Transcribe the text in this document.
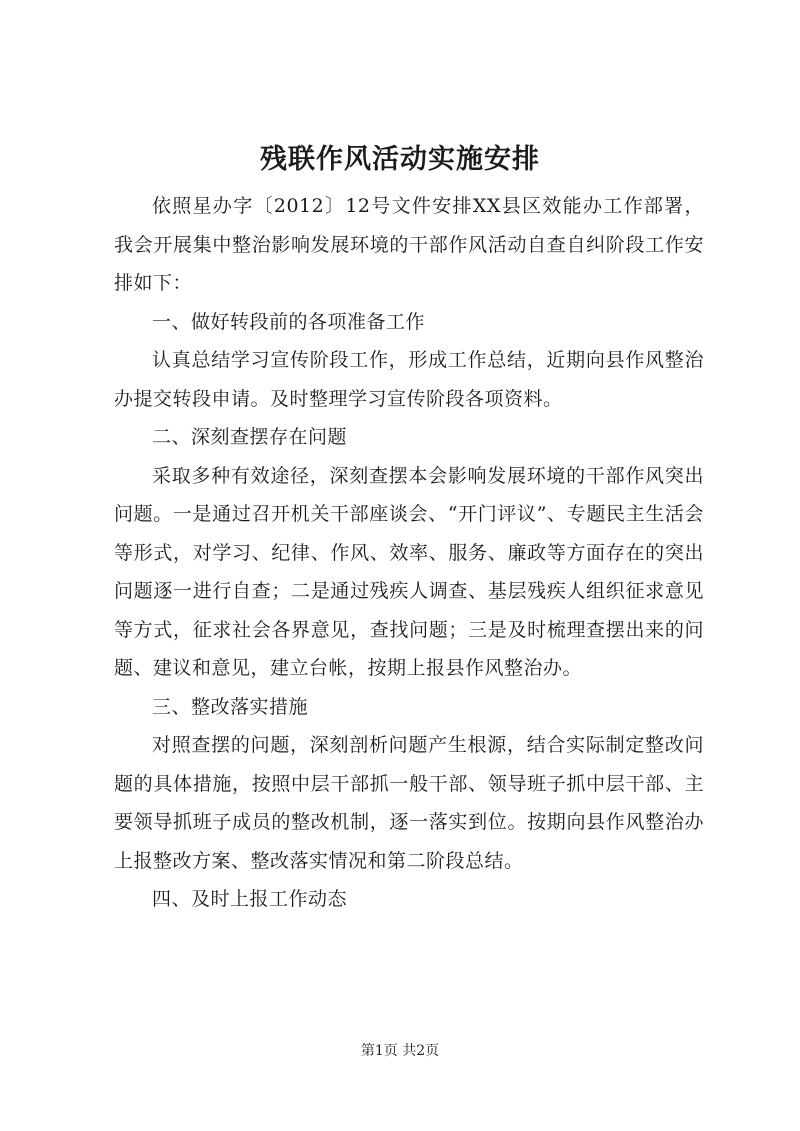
残联作风活动实施安排

依照星办字〔2012〕12号文件安排XX县区效能办工作部署，我会开展集中整治影响发展环境的干部作风活动自查自纠阶段工作安排如下：

一、做好转段前的各项准备工作

认真总结学习宣传阶段工作，形成工作总结，近期向县作风整治办提交转段申请。及时整理学习宣传阶段各项资料。

二、深刻查摆存在问题

采取多种有效途径，深刻查摆本会影响发展环境的干部作风突出问题。一是通过召开机关干部座谈会、“开门评议”、专题民主生活会等形式，对学习、纪律、作风、效率、服务、廉政等方面存在的突出问题逐一进行自查；二是通过残疾人调查、基层残疾人组织征求意见等方式，征求社会各界意见，查找问题；三是及时梳理查摆出来的问题、建议和意见，建立台帐，按期上报县作风整治办。

三、整改落实措施

对照查摆的问题，深刻剖析问题产生根源，结合实际制定整改问题的具体措施，按照中层干部抓一般干部、领导班子抓中层干部、主要领导抓班子成员的整改机制，逐一落实到位。按期向县作风整治办上报整改方案、整改落实情况和第二阶段总结。

四、及时上报工作动态

第1页 共2页
